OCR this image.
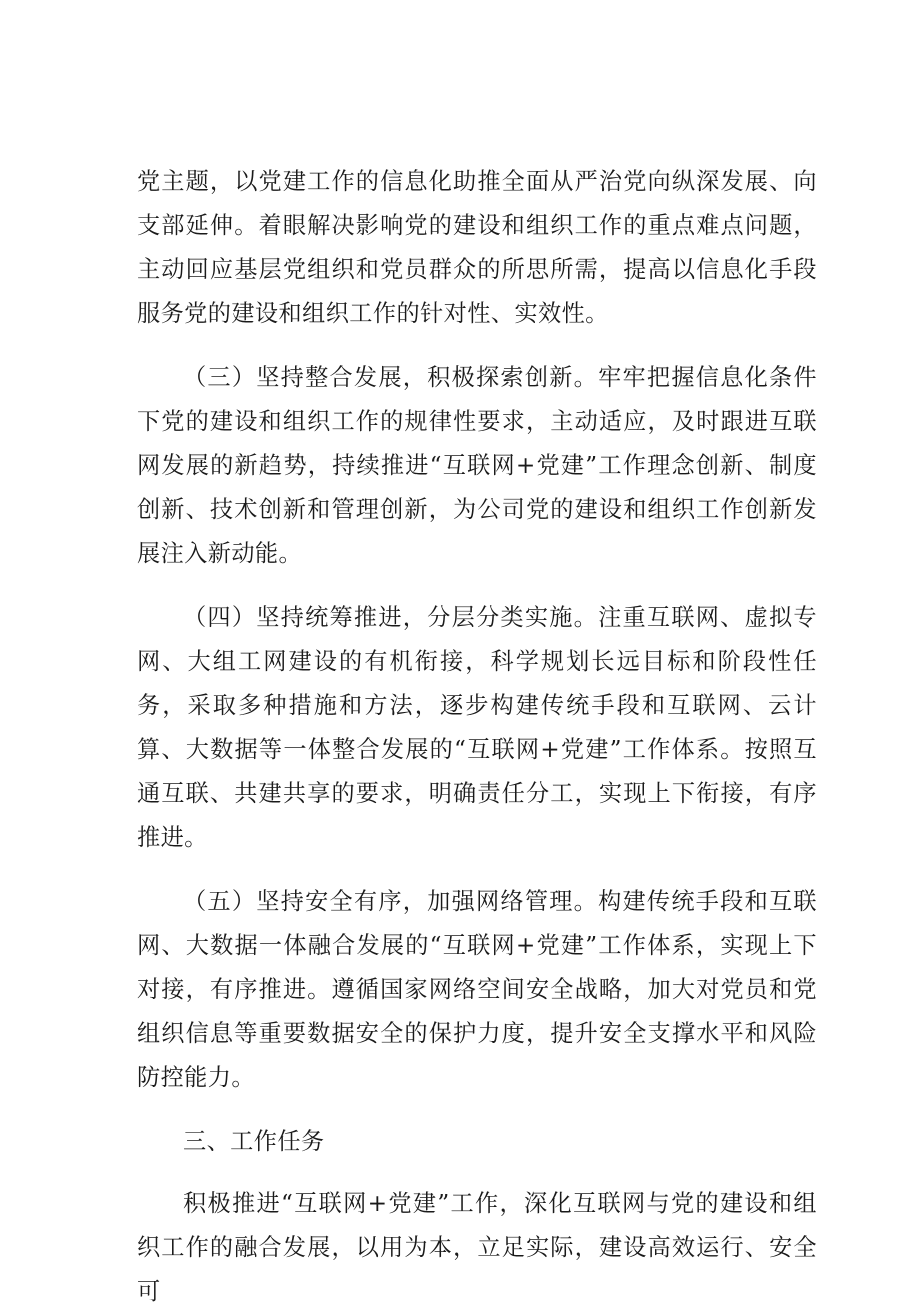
党主题，以党建工作的信息化助推全面从严治党向纵深发展、向支部延伸。着眼解决影响党的建设和组织工作的重点难点问题，主动回应基层党组织和党员群众的所思所需，提高以信息化手段服务党的建设和组织工作的针对性、实效性。

（三）坚持整合发展，积极探索创新。牢牢把握信息化条件下党的建设和组织工作的规律性要求，主动适应，及时跟进互联网发展的新趋势，持续推进“互联网+党建”工作理念创新、制度创新、技术创新和管理创新，为公司党的建设和组织工作创新发展注入新动能。

（四）坚持统筹推进，分层分类实施。注重互联网、虚拟专网、大组工网建设的有机衔接，科学规划长远目标和阶段性任务，采取多种措施和方法，逐步构建传统手段和互联网、云计算、大数据等一体整合发展的“互联网+党建”工作体系。按照互通互联、共建共享的要求，明确责任分工，实现上下衔接，有序推进。

（五）坚持安全有序，加强网络管理。构建传统手段和互联网、大数据一体融合发展的“互联网+党建”工作体系，实现上下对接，有序推进。遵循国家网络空间安全战略，加大对党员和党组织信息等重要数据安全的保护力度，提升安全支撑水平和风险防控能力。

三、工作任务

积极推进“互联网+党建”工作，深化互联网与党的建设和组织工作的融合发展，以用为本，立足实际，建设高效运行、安全可
